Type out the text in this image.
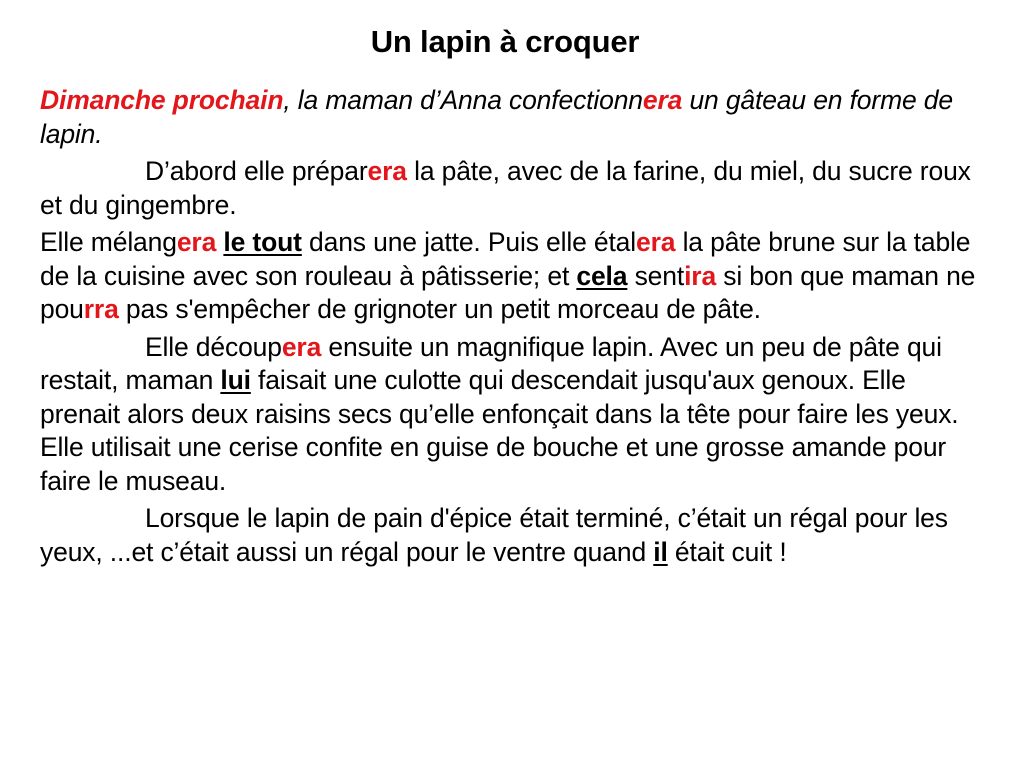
Un lapin à croquer

Dimanche prochain, la maman d’Anna confectionnera un gâteau en forme de lapin.

D’abord elle préparera la pâte, avec de la farine, du miel, du sucre roux et du gingembre.

Elle mélangera le tout dans une jatte. Puis elle étalera la pâte brune sur la table de la cuisine avec son rouleau à pâtisserie; et cela sentira si bon que maman ne pourra pas s'empêcher de grignoter un petit morceau de pâte.

Elle découpera ensuite un magnifique lapin. Avec un peu de pâte qui restait, maman lui faisait une culotte qui descendait jusqu'aux genoux. Elle prenait alors deux raisins secs qu’elle enfonçait dans la tête pour faire les yeux. Elle utilisait une cerise confite en guise de bouche et une grosse amande pour faire le museau.

Lorsque le lapin de pain d'épice était terminé, c’était un régal pour les yeux, ...et c’était aussi un régal pour le ventre quand il était cuit !
